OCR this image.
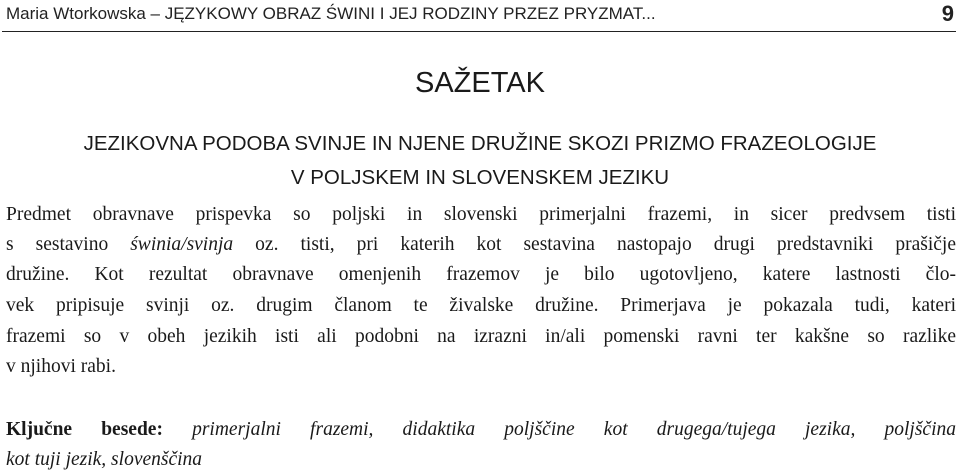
Maria Wtorkowska – JĘZYKOWY OBRAZ ŚWINI I JEJ RODZINY PRZEZ PRYZMAT...	9
SAŽETAK
JEZIKOVNA PODOBA SVINJE IN NJENE DRUŽINE SKOZI PRIZMO FRAZEOLOGIJE
V POLJSKEM IN SLOVENSKEM JEZIKU
Predmet obravnave prispevka so poljski in slovenski primerjalni frazemi, in sicer predvsem tisti
s sestavino świnia/svinja oz. tisti, pri katerih kot sestavina nastopajo drugi predstavniki prašičje
družine. Kot rezultat obravnave omenjenih frazemov je bilo ugotovljeno, katere lastnosti člo-
vek pripisuje svinji oz. drugim članom te živalske družine. Primerjava je pokazala tudi, kateri
frazemi so v obeh jezikih isti ali podobni na izrazni in/ali pomenski ravni ter kakšne so razlike
v njihovi rabi.
Ključne besede: primerjalni frazemi, didaktika poljščine kot drugega/tujega jezika, poljščina
kot tuji jezik, slovenščina
